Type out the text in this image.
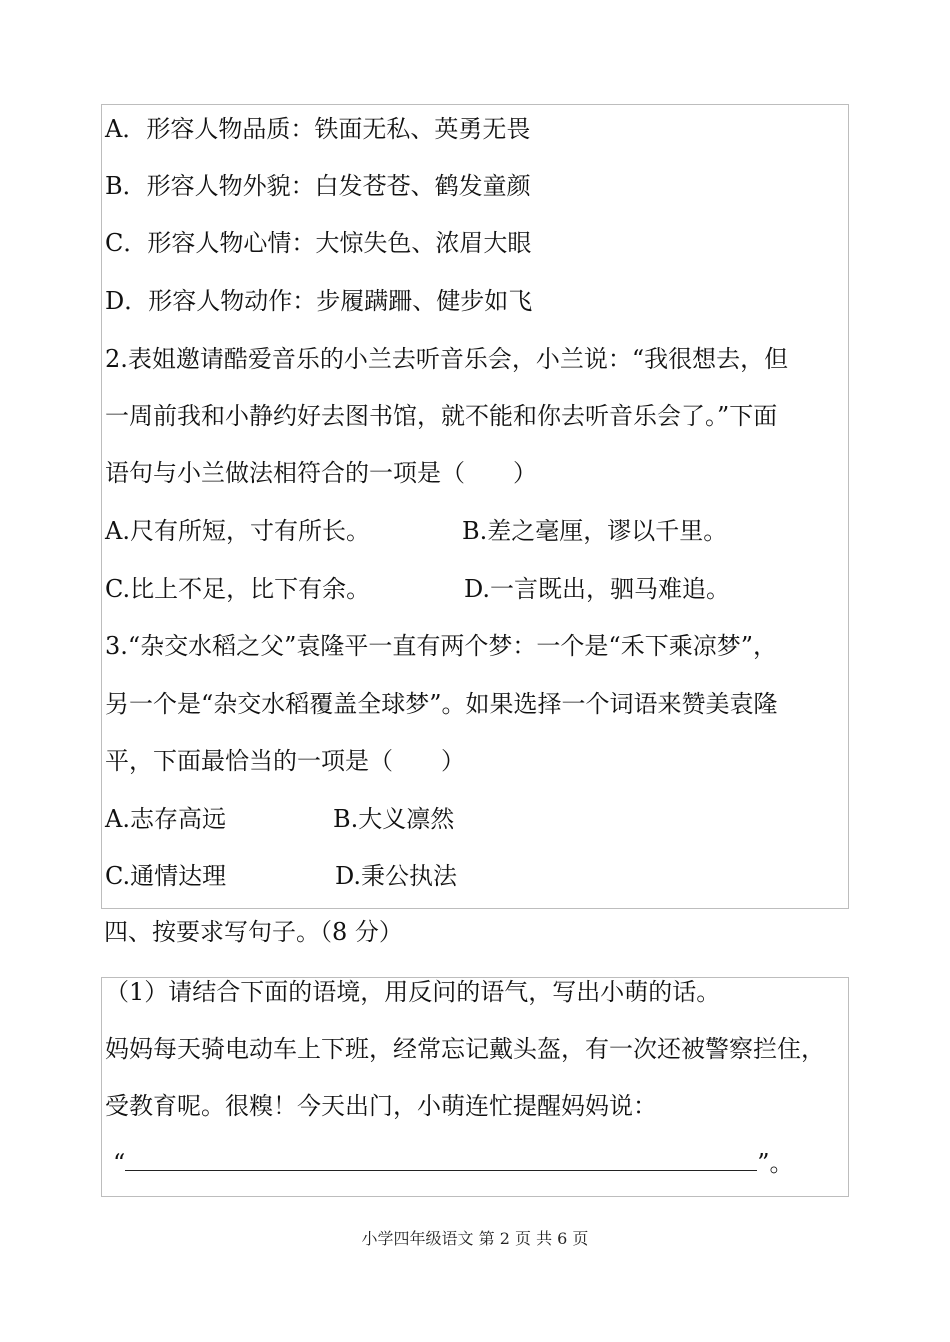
A．形容人物品质：铁面无私、英勇无畏

B．形容人物外貌：白发苍苍、鹤发童颜

C．形容人物心情：大惊失色、浓眉大眼

D．形容人物动作：步履蹒跚、健步如飞

2.表姐邀请酷爱音乐的小兰去听音乐会，小兰说：“我很想去，但

一周前我和小静约好去图书馆，就不能和你去听音乐会了。”下面

语句与小兰做法相符合的一项是（　　）

A.尺有所短，寸有所长。	B.差之毫厘，谬以千里。
C.比上不足，比下有余。	D.一言既出，驷马难追。

3.“杂交水稻之父”袁隆平一直有两个梦：一个是“禾下乘凉梦”，

另一个是“杂交水稻覆盖全球梦”。如果选择一个词语来赞美袁隆

平，下面最恰当的一项是（　　）

A.志存高远	B.大义凛然
C.通情达理	D.秉公执法
四、按要求写句子。（8 分）

（1）请结合下面的语境，用反问的语气，写出小萌的话。

妈妈每天骑电动车上下班，经常忘记戴头盔，有一次还被警察拦住，

受教育呢。很糗！今天出门，小萌连忙提醒妈妈说：

“	”。
小学四年级语文 第 2 页 共 6 页
